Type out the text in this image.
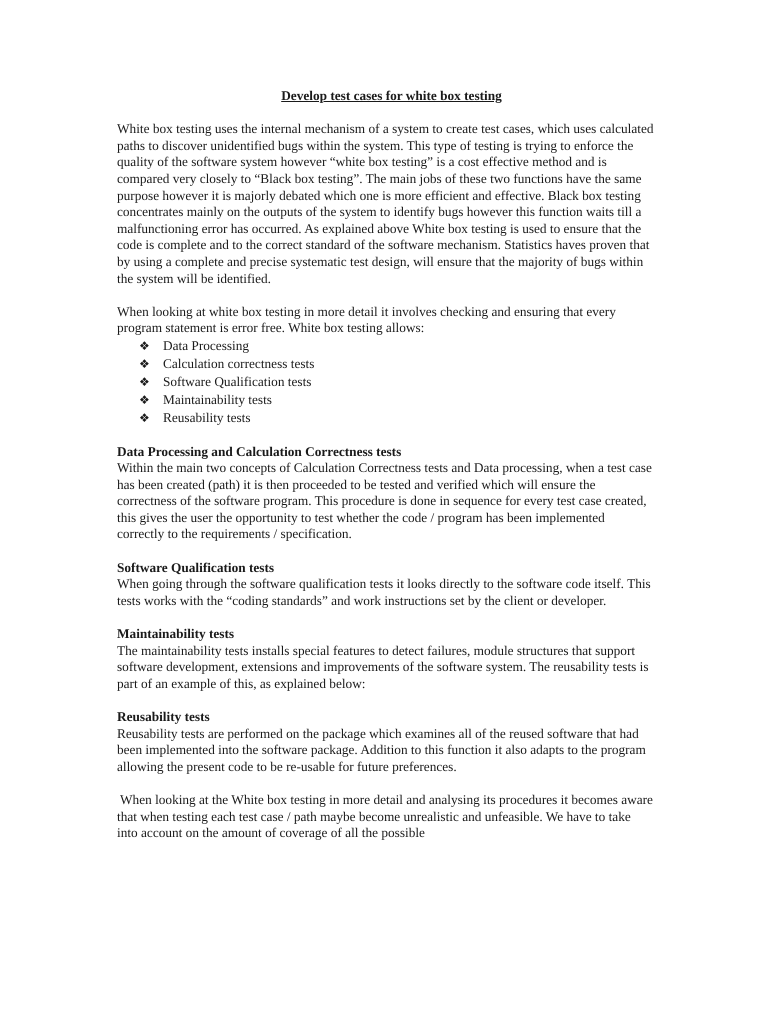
Develop test cases for white box testing

White box testing uses the internal mechanism of a system to create test cases, which uses calculated paths to discover unidentified bugs within the system. This type of testing is trying to enforce the quality of the software system however “white box testing” is a cost effective method and is compared very closely to “Black box testing”. The main jobs of these two functions have the same purpose however it is majorly debated which one is more efficient and effective. Black box testing concentrates mainly on the outputs of the system to identify bugs however this function waits till a malfunctioning error has occurred. As explained above White box testing is used to ensure that the code is complete and to the correct standard of the software mechanism. Statistics haves proven that by using a complete and precise systematic test design, will ensure that the majority of bugs within the system will be identified.

When looking at white box testing in more detail it involves checking and ensuring that every program statement is error free. White box testing allows:

❖ Data Processing
❖ Calculation correctness tests
❖ Software Qualification tests
❖ Maintainability tests
❖ Reusability tests
Data Processing and Calculation Correctness tests

Within the main two concepts of Calculation Correctness tests and Data processing, when a test case has been created (path) it is then proceeded to be tested and verified which will ensure the correctness of the software program. This procedure is done in sequence for every test case created, this gives the user the opportunity to test whether the code / program has been implemented correctly to the requirements / specification.

Software Qualification tests

When going through the software qualification tests it looks directly to the software code itself. This tests works with the “coding standards” and work instructions set by the client or developer.

Maintainability tests

The maintainability tests installs special features to detect failures, module structures that support software development, extensions and improvements of the software system. The reusability tests is part of an example of this, as explained below:

Reusability tests

Reusability tests are performed on the package which examines all of the reused software that had been implemented into the software package. Addition to this function it also adapts to the program allowing the present code to be re-usable for future preferences.

When looking at the White box testing in more detail and analysing its procedures it becomes aware that when testing each test case / path maybe become unrealistic and unfeasible. We have to take into account on the amount of coverage of all the possible
